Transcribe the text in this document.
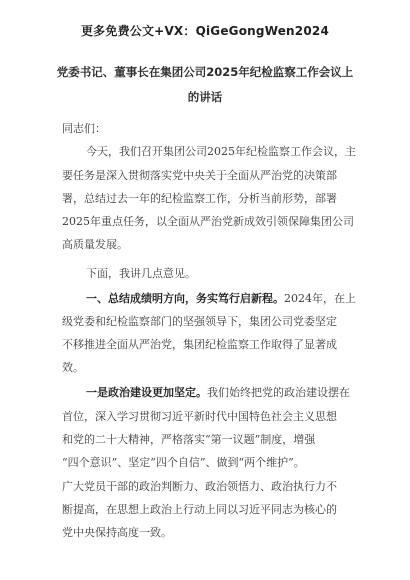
更多免费公文+VX：QiGeGongWen2024
党委书记、董事长在集团公司2025年纪检监察工作会议上
的讲话
同志们：
今天，我们召开集团公司2025年纪检监察工作会议，主
要任务是深入贯彻落实党中央关于全面从严治党的决策部
署，总结过去一年的纪检监察工作，分析当前形势，部署
2025年重点任务，以全面从严治党新成效引领保障集团公司
高质量发展。
下面，我讲几点意见。
一、总结成绩明方向，务实笃行启新程。2024年，在上
级党委和纪检监察部门的坚强领导下，集团公司党委坚定
不移推进全面从严治党，集团纪检监察工作取得了显著成
效。
一是政治建设更加坚定。我们始终把党的政治建设摆在
首位，深入学习贯彻习近平新时代中国特色社会主义思想
和党的二十大精神，严格落实“第一议题”制度，增强
“四个意识”、坚定“四个自信”、做到“两个维护”。
广大党员干部的政治判断力、政治领悟力、政治执行力不
断提高，在思想上政治上行动上同以习近平同志为核心的
党中央保持高度一致。
